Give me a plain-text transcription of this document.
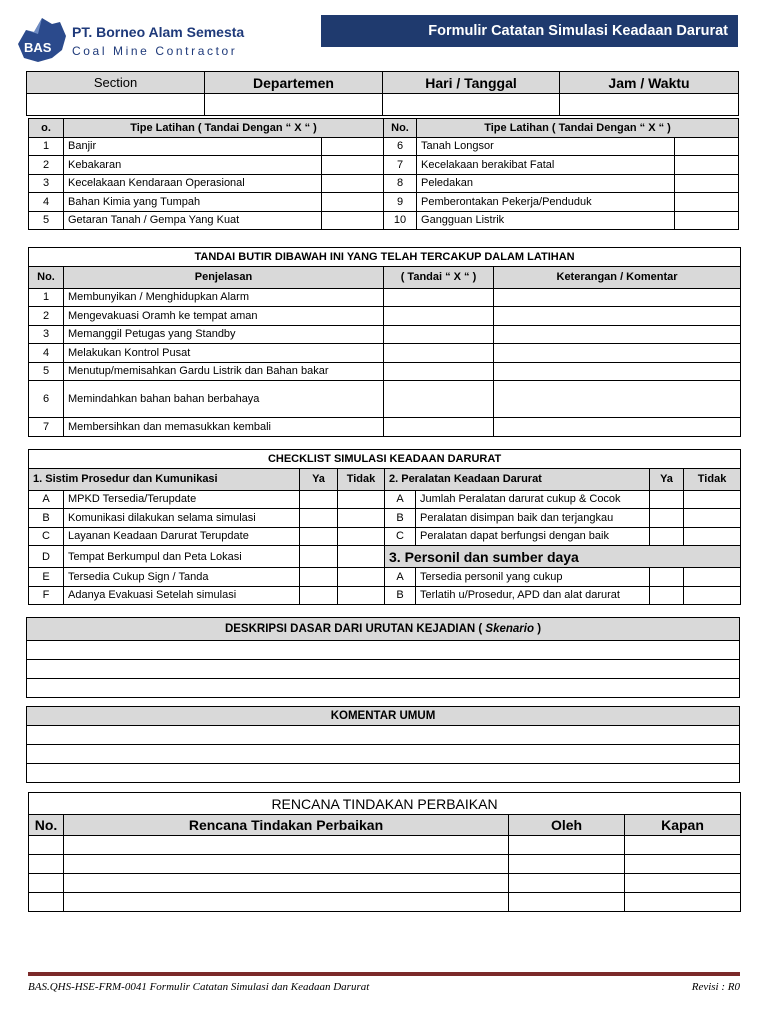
BAS
PT. Borneo Alam Semesta
Coal Mine Contractor
Formulir Catatan Simulasi Keadaan Darurat
Section	Departemen	Hari / Tanggal	Jam / Waktu

o.	Tipe Latihan ( Tandai Dengan “ X “ )		No.	Tipe Latihan ( Tandai Dengan “ X “ )	
1	Banjir		6	Tanah Longsor	
2	Kebakaran		7	Kecelakaan berakibat Fatal	
3	Kecelakaan Kendaraan Operasional		8	Peledakan	
4	Bahan Kimia yang Tumpah		9	Pemberontakan Pekerja/Penduduk	
5	Getaran Tanah / Gempa Yang Kuat		10	Gangguan Listrik	
TANDAI BUTIR DIBAWAH INI YANG TELAH TERCAKUP DALAM LATIHAN			
No.	Penjelasan	( Tandai “ X “ )	Keterangan / Komentar
1	Membunyikan / Menghidupkan Alarm		
2	Mengevakuasi Oramh ke tempat aman		
3	Memanggil Petugas yang Standby		
4	Melakukan Kontrol Pusat		
5	Menutup/memisahkan Gardu Listrik dan Bahan bakar		
6	Memindahkan bahan bahan berbahaya		
7	Membersihkan dan memasukkan kembali		
CHECKLIST SIMULASI KEADAAN DARURAT							
1. Sistim Prosedur dan Kumunikasi		Ya	Tidak	2. Peralatan Keadaan Darurat		Ya	Tidak
A	MPKD Tersedia/Terupdate			A	Jumlah Peralatan darurat cukup & Cocok		
B	Komunikasi dilakukan selama simulasi			B	Peralatan disimpan baik dan terjangkau		
C	Layanan Keadaan Darurat Terupdate			C	Peralatan dapat berfungsi dengan baik		
D	Tempat Berkumpul dan Peta Lokasi			3. Personil dan sumber daya			
E	Tersedia Cukup Sign / Tanda			A	Tersedia personil yang cukup		
F	Adanya Evakuasi Setelah simulasi			B	Terlatih u/Prosedur, APD dan alat darurat		
DESKRIPSI DASAR DARI URUTAN KEJADIAN ( Skenario )

KOMENTAR UMUM

RENCANA TINDAKAN PERBAIKAN			
No.	Rencana Tindakan Perbaikan	Oleh	Kapan

BAS.QHS-HSE-FRM-0041 Formulir Catatan Simulasi dan Keadaan Darurat	Revisi : R0
